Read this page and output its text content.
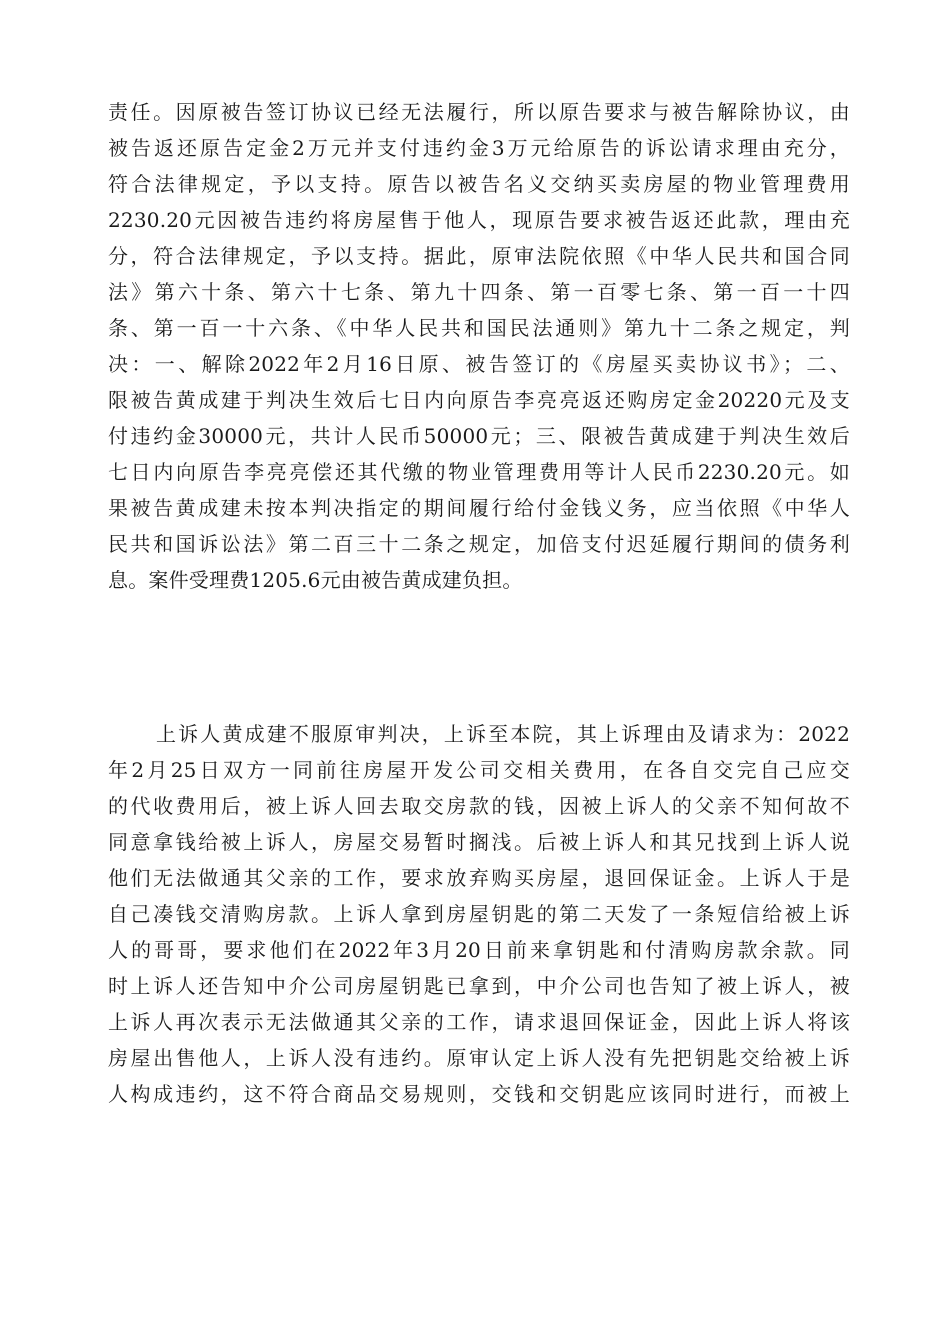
责任。因原被告签订协议已经无法履行，所以原告要求与被告解除协议，由
被告返还原告定金2万元并支付违约金3万元给原告的诉讼请求理由充分，
符合法律规定，予以支持。原告以被告名义交纳买卖房屋的物业管理费用
2230.20元因被告违约将房屋售于他人，现原告要求被告返还此款，理由充
分，符合法律规定，予以支持。据此，原审法院依照《中华人民共和国合同
法》第六十条、第六十七条、第九十四条、第一百零七条、第一百一十四
条、第一百一十六条、《中华人民共和国民法通则》第九十二条之规定，判
决：一、解除2022年2月16日原、被告签订的《房屋买卖协议书》；二、
限被告黄成建于判决生效后七日内向原告李亮亮返还购房定金20220元及支
付违约金30000元，共计人民币50000元；三、限被告黄成建于判决生效后
七日内向原告李亮亮偿还其代缴的物业管理费用等计人民币2230.20元。如
果被告黄成建未按本判决指定的期间履行给付金钱义务，应当依照《中华人
民共和国诉讼法》第二百三十二条之规定，加倍支付迟延履行期间的债务利
息。案件受理费1205.6元由被告黄成建负担。
上诉人黄成建不服原审判决，上诉至本院，其上诉理由及请求为：2022
年2月25日双方一同前往房屋开发公司交相关费用，在各自交完自己应交
的代收费用后，被上诉人回去取交房款的钱，因被上诉人的父亲不知何故不
同意拿钱给被上诉人，房屋交易暂时搁浅。后被上诉人和其兄找到上诉人说
他们无法做通其父亲的工作，要求放弃购买房屋，退回保证金。上诉人于是
自己凑钱交清购房款。上诉人拿到房屋钥匙的第二天发了一条短信给被上诉
人的哥哥，要求他们在2022年3月20日前来拿钥匙和付清购房款余款。同
时上诉人还告知中介公司房屋钥匙已拿到，中介公司也告知了被上诉人，被
上诉人再次表示无法做通其父亲的工作，请求退回保证金，因此上诉人将该
房屋出售他人，上诉人没有违约。原审认定上诉人没有先把钥匙交给被上诉
人构成违约，这不符合商品交易规则，交钱和交钥匙应该同时进行，而被上
